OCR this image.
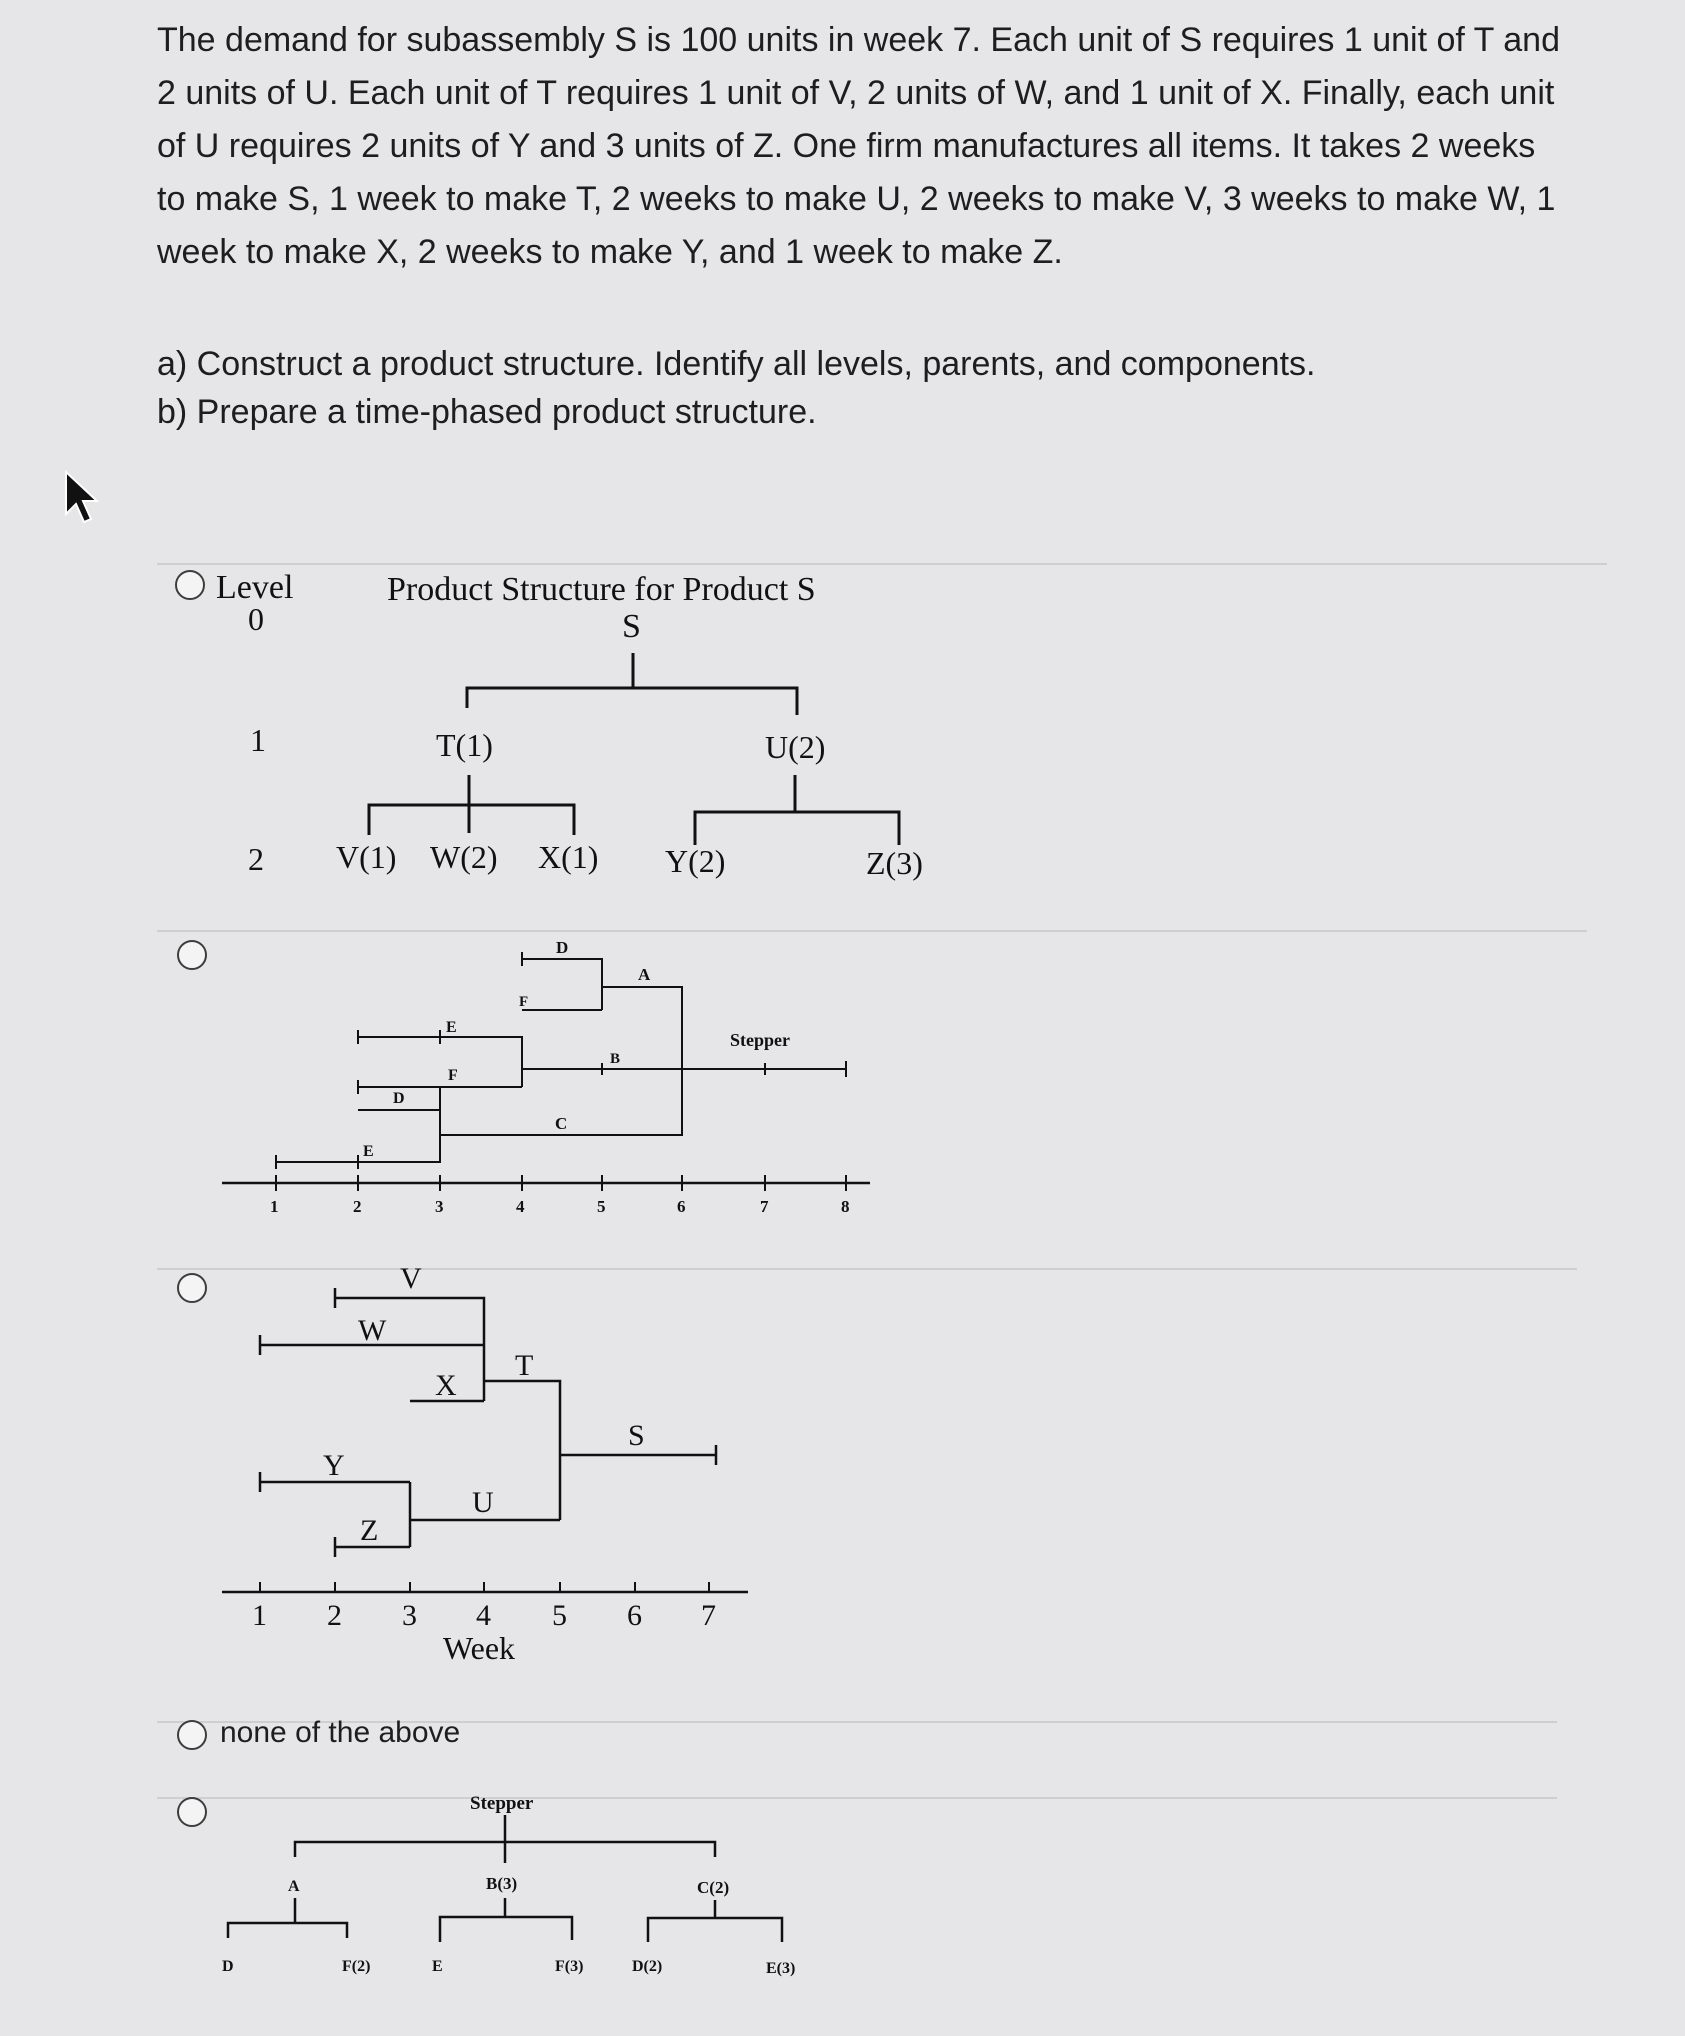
The demand for subassembly S is 100 units in week 7. Each unit of S requires 1 unit of T and

2 units of U. Each unit of T requires 1 unit of V, 2 units of W, and 1 unit of X. Finally, each unit

of U requires 2 units of Y and 3 units of Z. One firm manufactures all items. It takes 2 weeks

to make S, 1 week to make T, 2 weeks to make U, 2 weeks to make V, 3 weeks to make W, 1

week to make X, 2 weeks to make Y, and 1 week to make Z.

a) Construct a product structure. Identify all levels, parents, and components.

b) Prepare a time-phased product structure.

Level
0
1
2
Product Structure for Product S
S
T(1)	U(2)
V(1) W(2) X(1) Y(2)	Z(3)
1	2	3	4	5	6	7	8
Stepper
A
D
F
E
B
F
D
C
E
1 2 3 4 5 6 7
Week
S
T
V
W
X
U
Y
Z
none of the above
Stepper
A	B(3)	C(2)
D	F(2)	E	F(3)	D(2)	E(3)
